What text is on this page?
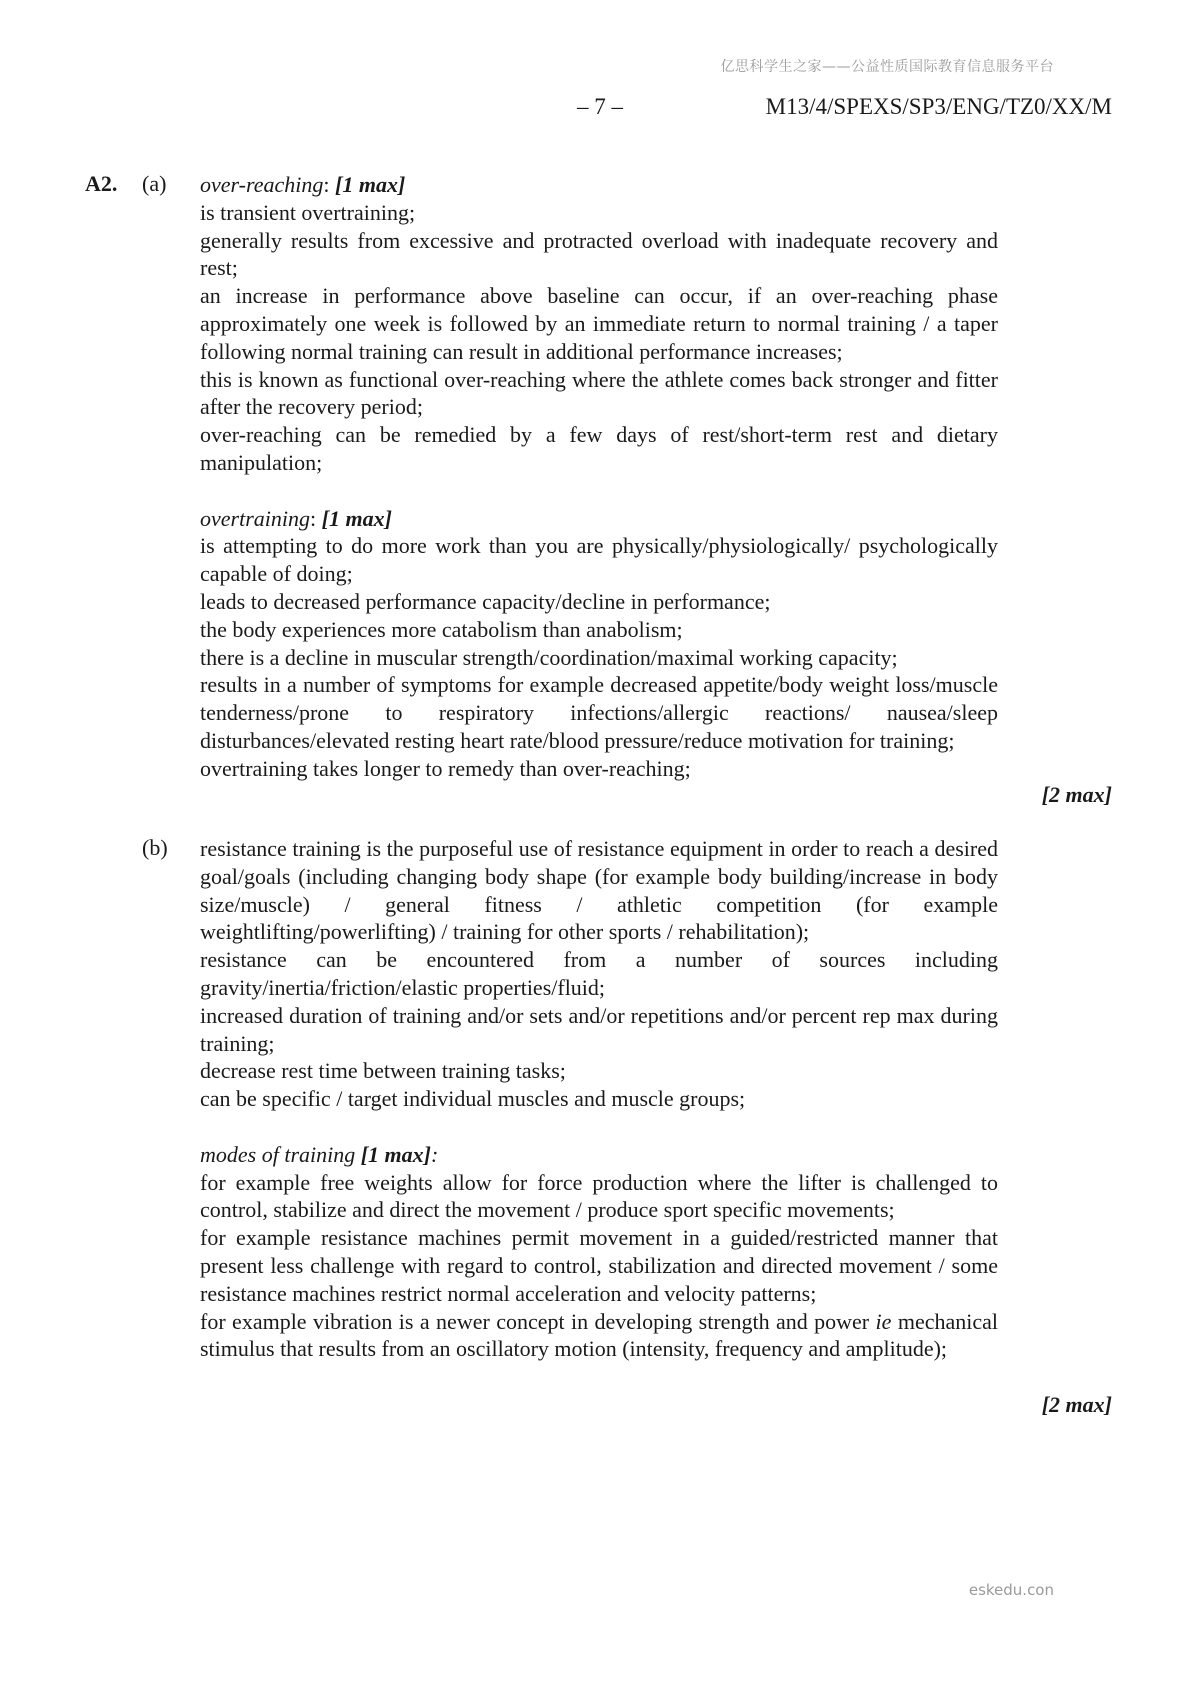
亿思科学生之家——公益性质国际教育信息服务平台
– 7 –	M13/4/SPEXS/SP3/ENG/TZ0/XX/M
A2. (a) over-reaching: [1 max]

is transient overtraining;

generally results from excessive and protracted overload with inadequate recovery and rest;

an increase in performance above baseline can occur, if an over-reaching phase approximately one week is followed by an immediate return to normal training / a taper following normal training can result in additional performance increases;

this is known as functional over-reaching where the athlete comes back stronger and fitter after the recovery period;

over-reaching can be remedied by a few days of rest/short-term rest and dietary manipulation;

overtraining: [1 max]

is attempting to do more work than you are physically/physiologically/ psychologically capable of doing;

leads to decreased performance capacity/decline in performance;

the body experiences more catabolism than anabolism;

there is a decline in muscular strength/coordination/maximal working capacity;

results in a number of symptoms for example decreased appetite/body weight loss/muscle tenderness/prone to respiratory infections/allergic reactions/ nausea/sleep disturbances/elevated resting heart rate/blood pressure/reduce motivation for training;

overtraining takes longer to remedy than over-reaching;

[2 max]
(b) resistance training is the purposeful use of resistance equipment in order to reach a desired goal/goals (including changing body shape (for example body building/increase in body size/muscle) / general fitness / athletic competition (for example weightlifting/powerlifting) / training for other sports / rehabilitation);

resistance can be encountered from a number of sources including gravity/inertia/friction/elastic properties/fluid;

increased duration of training and/or sets and/or repetitions and/or percent rep max during training;

decrease rest time between training tasks;

can be specific / target individual muscles and muscle groups;

modes of training [1 max]:

for example free weights allow for force production where the lifter is challenged to control, stabilize and direct the movement / produce sport specific movements;

for example resistance machines permit movement in a guided/restricted manner that present less challenge with regard to control, stabilization and directed movement / some resistance machines restrict normal acceleration and velocity patterns;

for example vibration is a newer concept in developing strength and power ie mechanical stimulus that results from an oscillatory motion (intensity, frequency and amplitude);

[2 max]
eskedu.con
